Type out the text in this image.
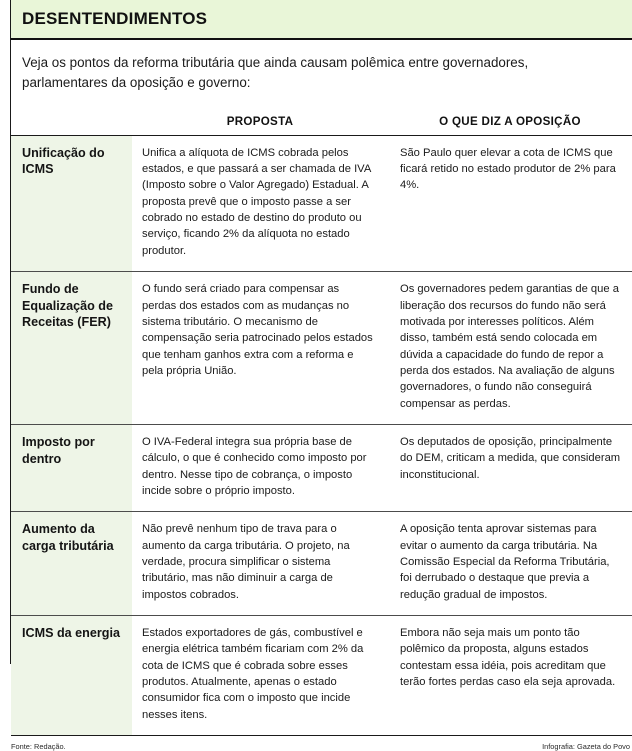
DESENTENDIMENTOS
Veja os pontos da reforma tributária que ainda causam polêmica entre governadores, parlamentares da oposição e governo:
	PROPOSTA	O QUE DIZ A OPOSIÇÃO
Unificação do ICMS	Unifica a alíquota de ICMS cobrada pelos estados, e que passará a ser chamada de IVA (Imposto sobre o Valor Agregado) Estadual. A proposta prevê que o imposto passe a ser cobrado no estado de destino do produto ou serviço, ficando 2% da alíquota no estado produtor.	São Paulo quer elevar a cota de ICMS que ficará retido no estado produtor de 2% para 4%.
Fundo de Equalização de Receitas (FER)	O fundo será criado para compensar as perdas dos estados com as mudanças no sistema tributário. O mecanismo de compensação seria patrocinado pelos estados que tenham ganhos extra com a reforma e pela própria União.	Os governadores pedem garantias de que a liberação dos recursos do fundo não será motivada por interesses políticos. Além disso, também está sendo colocada em dúvida a capacidade do fundo de repor a perda dos estados. Na avaliação de alguns governadores, o fundo não conseguirá compensar as perdas.
Imposto por dentro	O IVA-Federal integra sua própria base de cálculo, o que é conhecido como imposto por dentro. Nesse tipo de cobrança, o imposto incide sobre o próprio imposto.	Os deputados de oposição, principalmente do DEM, criticam a medida, que consideram inconstitucional.
Aumento da carga tributária	Não prevê nenhum tipo de trava para o aumento da carga tributária. O projeto, na verdade, procura simplificar o sistema tributário, mas não diminuir a carga de impostos cobrados.	A oposição tenta aprovar sistemas para evitar o aumento da carga tributária. Na Comissão Especial da Reforma Tributária, foi derrubado o destaque que previa a redução gradual de impostos.
ICMS da energia	Estados exportadores de gás, combustível e energia elétrica também ficariam com 2% da cota de ICMS que é cobrada sobre esses produtos. Atualmente, apenas o estado consumidor fica com o imposto que incide nesses itens.	Embora não seja mais um ponto tão polêmico da proposta, alguns estados contestam essa idéia, pois acreditam que terão fortes perdas caso ela seja aprovada.
Fonte: Redação.	Infografia: Gazeta do Povo
